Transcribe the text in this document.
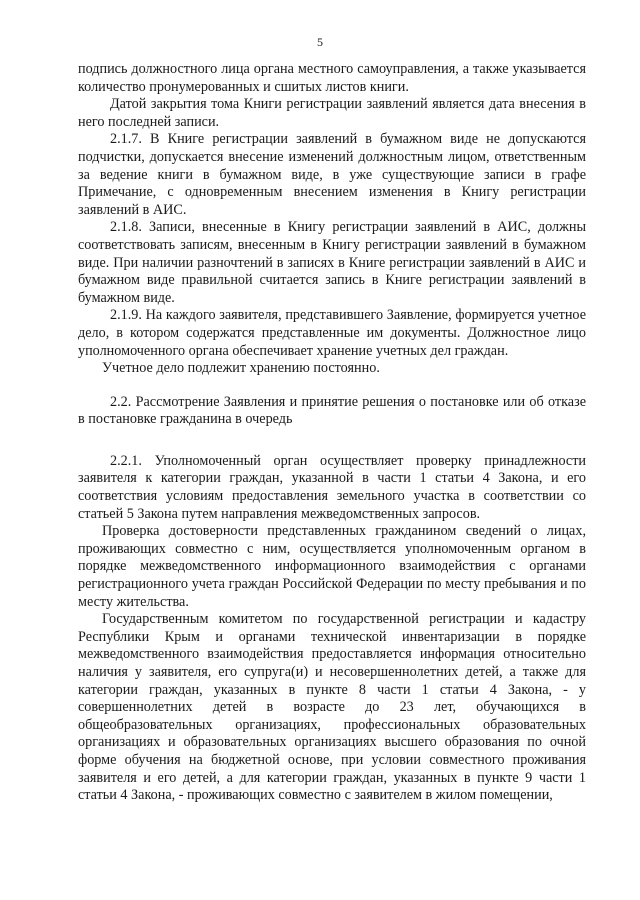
5

подпись должностного лица органа местного самоуправления, а также указывается количество пронумерованных и сшитых листов книги.

Датой закрытия тома Книги регистрации заявлений является дата внесения в него последней записи.

2.1.7. В Книге регистрации заявлений в бумажном виде не допускаются подчистки, допускается внесение изменений должностным лицом, ответственным за ведение книги в бумажном виде, в уже существующие записи в графе Примечание, с одновременным внесением изменения в Книгу регистрации заявлений в АИС.

2.1.8. Записи, внесенные в Книгу регистрации заявлений в АИС, должны соответствовать записям, внесенным в Книгу регистрации заявлений в бумажном виде. При наличии разночтений в записях в Книге регистрации заявлений в АИС и бумажном виде правильной считается запись в Книге регистрации заявлений в бумажном виде.

2.1.9. На каждого заявителя, представившего Заявление, формируется учетное дело, в котором содержатся представленные им документы. Должностное лицо уполномоченного органа обеспечивает хранение учетных дел граждан.

Учетное дело подлежит хранению постоянно.

2.2. Рассмотрение Заявления и принятие решения о постановке или об отказе в постановке гражданина в очередь

2.2.1. Уполномоченный орган осуществляет проверку принадлежности заявителя к категории граждан, указанной в части 1 статьи 4 Закона, и его соответствия условиям предоставления земельного участка в соответствии со статьей 5 Закона путем направления межведомственных запросов.

Проверка достоверности представленных гражданином сведений о лицах, проживающих совместно с ним, осуществляется уполномоченным органом в порядке межведомственного информационного взаимодействия с органами регистрационного учета граждан Российской Федерации по месту пребывания и по месту жительства.

Государственным комитетом по государственной регистрации и кадастру Республики Крым и органами технической инвентаризации в порядке межведомственного взаимодействия предоставляется информация относительно наличия у заявителя, его супруга(и) и несовершеннолетних детей, а также для категории граждан, указанных в пункте 8 части 1 статьи 4 Закона, - у совершеннолетних детей в возрасте до 23 лет, обучающихся в общеобразовательных организациях, профессиональных образовательных организациях и образовательных организациях высшего образования по очной форме обучения на бюджетной основе, при условии совместного проживания заявителя и его детей, а для категории граждан, указанных в пункте 9 части 1 статьи 4 Закона, - проживающих совместно с заявителем в жилом помещении,
